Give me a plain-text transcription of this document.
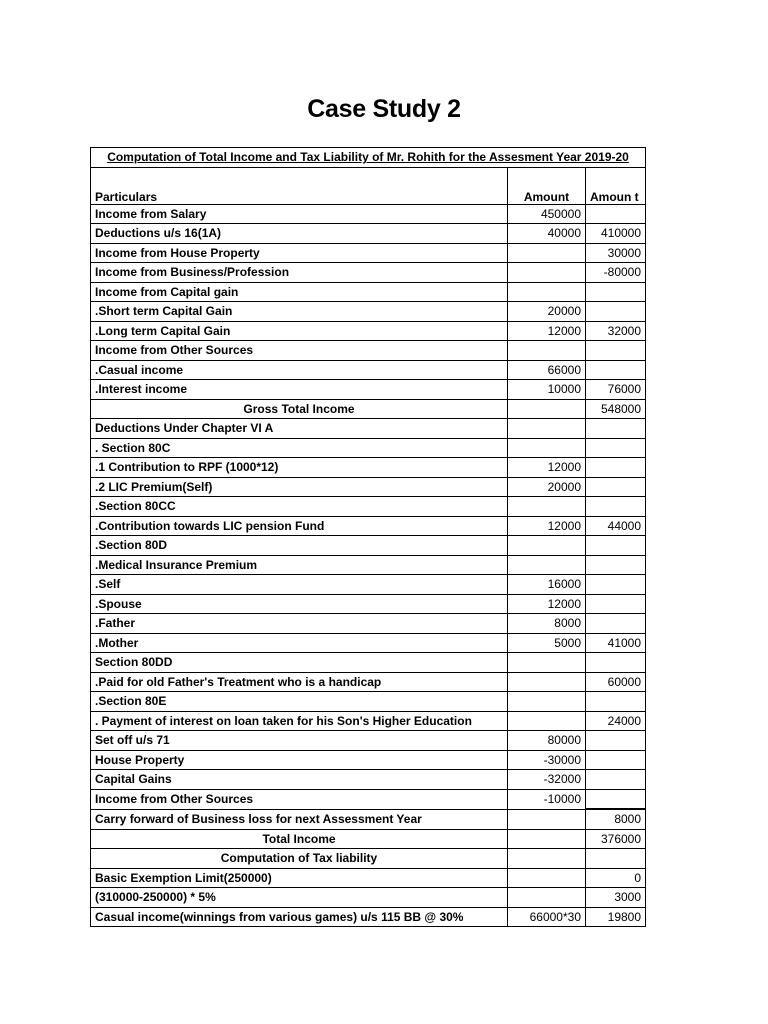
Case Study 2
Computation of Total Income and Tax Liability of Mr. Rohith for the Assesment Year 2019-20		
Particulars	Amount	Amoun t
Income from Salary	450000	
Deductions u/s 16(1A)	40000	410000
Income from House Property		30000
Income from Business/Profession		-80000
Income from Capital gain		
.Short term Capital Gain	20000	
.Long term Capital Gain	12000	32000
Income from Other Sources		
.Casual income	66000	
.Interest income	10000	76000
Gross Total Income		548000
Deductions Under Chapter VI A		
. Section 80C		
.1 Contribution to RPF (1000*12)	12000	
.2 LIC Premium(Self)	20000	
.Section 80CC		
.Contribution towards LIC pension Fund	12000	44000
.Section 80D		
.Medical Insurance Premium		
.Self	16000	
.Spouse	12000	
.Father	8000	
.Mother	5000	41000
Section 80DD		
.Paid for old Father's Treatment who is a handicap		60000
.Section 80E		
. Payment of interest on loan taken for his Son's Higher Education		24000
Set off u/s 71	80000	
House Property	-30000	
Capital Gains	-32000	
Income from Other Sources	-10000	
Carry forward of Business loss for next Assessment Year		8000
Total Income		376000
Computation of Tax liability		
Basic Exemption Limit(250000)		0
(310000-250000) * 5%		3000
Casual income(winnings from various games) u/s 115 BB @ 30%	66000*30	19800
